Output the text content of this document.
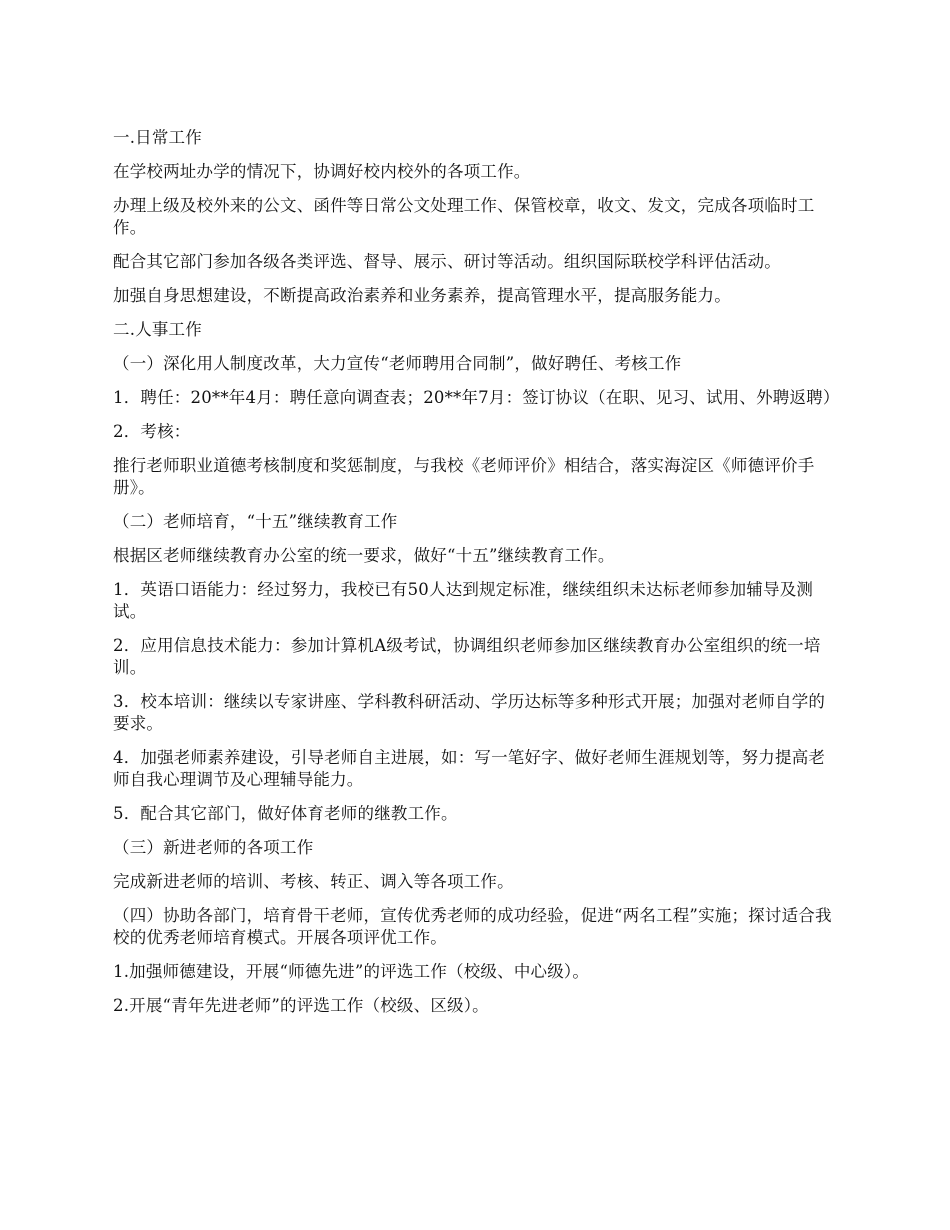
一.日常工作

在学校两址办学的情况下，协调好校内校外的各项工作。

办理上级及校外来的公文、函件等日常公文处理工作、保管校章，收文、发文，完成各项临时工作。

配合其它部门参加各级各类评选、督导、展示、研讨等活动。组织国际联校学科评估活动。

加强自身思想建设，不断提高政治素养和业务素养，提高管理水平，提高服务能力。

二.人事工作

（一）深化用人制度改革，大力宣传“老师聘用合同制”，做好聘任、考核工作

1．聘任：20**年4月：聘任意向调查表；20**年7月：签订协议（在职、见习、试用、外聘返聘）

2．考核：

推行老师职业道德考核制度和奖惩制度，与我校《老师评价》相结合，落实海淀区《师德评价手册》。

（二）老师培育，“十五”继续教育工作

根据区老师继续教育办公室的统一要求，做好“十五”继续教育工作。

1．英语口语能力：经过努力，我校已有50人达到规定标准，继续组织未达标老师参加辅导及测试。

2．应用信息技术能力：参加计算机A级考试，协调组织老师参加区继续教育办公室组织的统一培训。

3．校本培训：继续以专家讲座、学科教科研活动、学历达标等多种形式开展；加强对老师自学的要求。

4．加强老师素养建设，引导老师自主进展，如：写一笔好字、做好老师生涯规划等，努力提高老师自我心理调节及心理辅导能力。

5．配合其它部门，做好体育老师的继教工作。

（三）新进老师的各项工作

完成新进老师的培训、考核、转正、调入等各项工作。

（四）协助各部门，培育骨干老师，宣传优秀老师的成功经验，促进“两名工程”实施；探讨适合我校的优秀老师培育模式。开展各项评优工作。

1.加强师德建设，开展“师德先进”的评选工作（校级、中心级）。

2.开展“青年先进老师”的评选工作（校级、区级）。
